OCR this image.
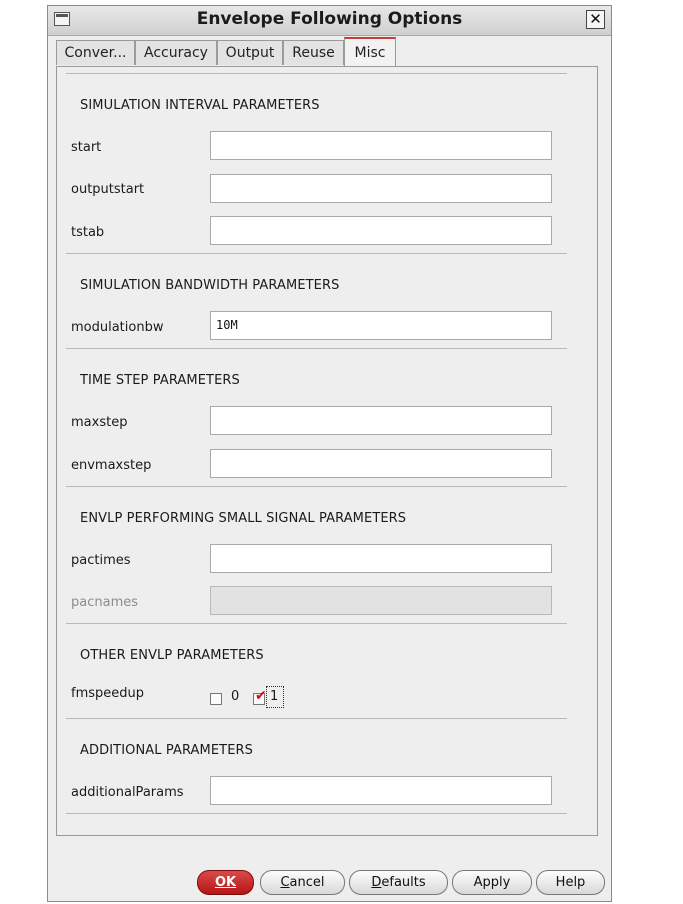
Envelope Following Options	✕
Conver...	Accuracy	Output	Reuse	Misc
SIMULATION INTERVAL PARAMETERS
start
outputstart
tstab
SIMULATION BANDWIDTH PARAMETERS
modulationbw	10M
TIME STEP PARAMETERS
maxstep
envmaxstep
ENVLP PERFORMING SMALL SIGNAL PARAMETERS
pactimes
pacnames
OTHER ENVLP PARAMETERS
fmspeedup	0 ✔ 1
ADDITIONAL PARAMETERS
additionalParams
OK	Cancel	Defaults	Apply	Help
